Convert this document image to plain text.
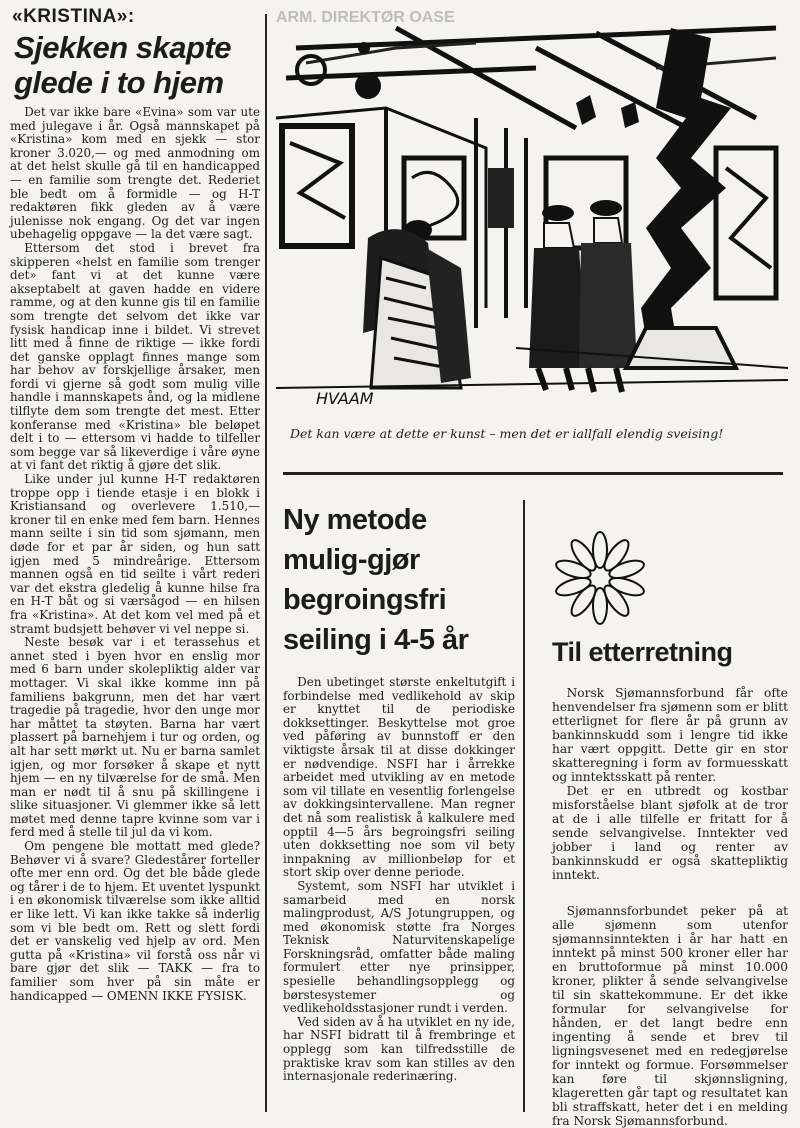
«KRISTINA»:
Sjekken skapte glede i to hjem

Det var ikke bare «Evina» som var ute med julegave i år. Også mannskapet på «Kristina» kom med en sjekk — stor kroner 3.020,— og med anmodning om at det helst skulle gå til en handicapped — en familie som trengte det. Rederiet ble bedt om å formidle — og H-T redaktøren fikk gleden av å være julenisse nok engang. Og det var ingen ubehagelig oppgave — la det være sagt.

Ettersom det stod i brevet fra skipperen «helst en familie som trenger det» fant vi at det kunne være akseptabelt at gaven hadde en videre ramme, og at den kunne gis til en familie som trengte det selvom det ikke var fysisk handicap inne i bildet. Vi strevet litt med å finne de riktige — ikke fordi det ganske opplagt finnes mange som har behov av forskjellige årsaker, men fordi vi gjerne så godt som mulig ville handle i mannskapets ånd, og la midlene tilflyte dem som trengte det mest. Etter konferanse med «Kristina» ble beløpet delt i to — ettersom vi hadde to tilfeller som begge var så likeverdige i våre øyne at vi fant det riktig å gjøre det slik.

Like under jul kunne H-T redaktøren troppe opp i tiende etasje i en blokk i Kristiansand og overlevere 1.510,— kroner til en enke med fem barn. Hennes mann seilte i sin tid som sjømann, men døde for et par år siden, og hun satt igjen med 5 mindreårige. Ettersom mannen også en tid seilte i vårt rederi var det ekstra gledelig å kunne hilse fra en H-T båt og si værsågod — en hilsen fra «Kristina». At det kom vel med på et stramt budsjett behøver vi vel neppe si.

Neste besøk var i et terassehus et annet sted i byen hvor en enslig mor med 6 barn under skolepliktig alder var mottager. Vi skal ikke komme inn på familiens bakgrunn, men det har vært tragedie på tragedie, hvor den unge mor har måttet ta støyten. Barna har vært plassert på barnehjem i tur og orden, og alt har sett mørkt ut. Nu er barna samlet igjen, og mor forsøker å skape et nytt hjem — en ny tilværelse for de små. Men man er nødt til å snu på skillingene i slike situasjoner. Vi glemmer ikke så lett møtet med denne tapre kvinne som var i ferd med å stelle til jul da vi kom.

Om pengene ble mottatt med glede? Behøver vi å svare? Gledestårer forteller ofte mer enn ord. Og det ble både glede og tårer i de to hjem. Et uventet lyspunkt i en økonomisk tilværelse som ikke alltid er like lett. Vi kan ikke takke så inderlig som vi ble bedt om. Rett og slett fordi det er vanskelig ved hjelp av ord. Men gutta på «Kristina» vil forstå oss når vi bare gjør det slik — TAKK — fra to familier som hver på sin måte er handicapped — OMENN IKKE FYSISK.

ARM. DIREKTØR OASE
HVAAM
Det kan være at dette er kunst – men det er iallfall elendig sveising!
Ny metode
mulig-gjør
begroingsfri
seiling i 4-5 år

Den ubetinget største enkeltutgift i forbindelse med vedlikehold av skip er knyttet til de periodiske dokksettinger. Beskyttelse mot groe ved påføring av bunnstoff er den viktigste årsak til at disse dokkinger er nødvendige. NSFI har i årrekke arbeidet med utvikling av en metode som vil tillate en vesentlig forlengelse av dokkingsintervallene. Man regner det nå som realistisk å kalkulere med opptil 4—5 års begroingsfri seiling uten dokksetting noe som vil bety innpakning av millionbeløp for et stort skip over denne periode.

Systemt, som NSFI har utviklet i samarbeid med en norsk malingprodust, A/S Jotungruppen, og med økonomisk støtte fra Norges Teknisk Naturvitenskapelige Forskningsråd, omfatter både maling formulert etter nye prinsipper, spesielle behandlingsopplegg og børstesystemer og vedlikeholdsstasjoner rundt i verden.

Ved siden av å ha utviklet en ny ide, har NSFI bidratt til å frembringe et opplegg som kan tilfredsstille de praktiske krav som kan stilles av den internasjonale rederinæring.

Til etterretning

Norsk Sjømannsforbund får ofte henvendelser fra sjømenn som er blitt etterlignet for flere år på grunn av bankinnskudd som i lengre tid ikke har vært oppgitt. Dette gir en stor skatteregning i form av formuesskatt og inntektsskatt på renter.

Det er en utbredt og kostbar misforståelse blant sjøfolk at de tror at de i alle tilfelle er fritatt for å sende selvangivelse. Inntekter ved jobber i land og renter av bankinnskudd er også skattepliktig inntekt.

Sjømannsforbundet peker på at alle sjømenn som utenfor sjømannsinntekten i år har hatt en inntekt på minst 500 kroner eller har en bruttoformue på minst 10.000 kroner, plikter å sende selvangivelse til sin skattekommune. Er det ikke formular for selvangivelse for hånden, er det langt bedre enn ingenting å sende et brev til ligningsvesenet med en redegjørelse for inntekt og formue. Forsømmelser kan føre til skjønnsligning, klageretten går tapt og resultatet kan bli straffskatt, heter det i en melding fra Norsk Sjømannsforbund.
